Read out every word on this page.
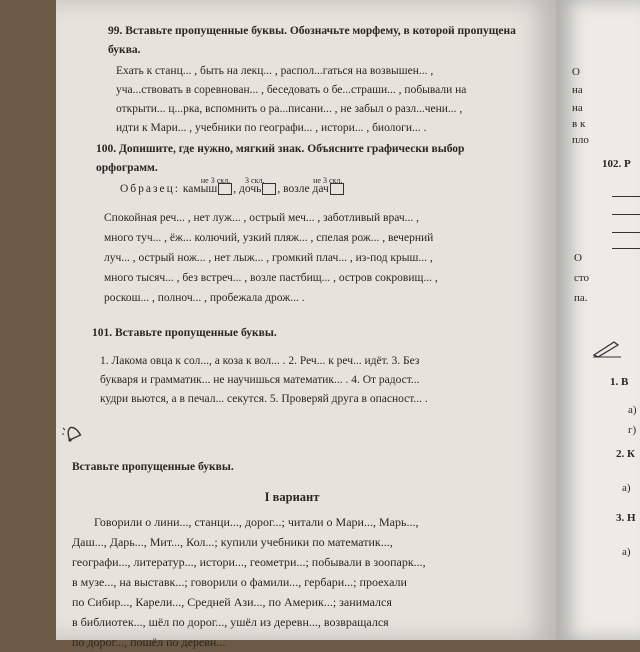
О
на
на
в к
пло
102. Р
О
сто
па.
1. В
а)
г)
2. К
а)
3. Н
а)
99. Вставьте пропущенные буквы. Обозначьте морфему, в которой пропущена буква.

Ехать к станц... , быть на лекц... , распол...гаться на возвышен... ,

уча...ствовать в соревнован... , беседовать о бе...страши... , побывали на

открыти... ц...рка, вспомнить о ра...писани... , не забыл о разл...чени... ,

идти к Мари... , учебники по географи... , истори... , биологи... .

100. Допишите, где нужно, мягкий знак. Объясните графически выбор орфограмм.
Образец:
не 3 скл.
камыш ,
3 скл.
дочь ,
не 3 скл.
возле дач

Спокойная реч... , нет луж... , острый меч... , заботливый врач... ,

много туч... , ёж... колючий, узкий пляж... , спелая рож... , вечерний

луч... , острый нож... , нет лыж... , громкий плач... , из-под крыш... ,

много тысяч... , без встреч... , возле пастбищ... , остров сокровищ... ,

роскош... , полноч... , пробежала дрож... .

101. Вставьте пропущенные буквы.

1. Лакома овца к сол..., а коза к вол... . 2. Реч... к реч... идёт. 3. Без

букваря и грамматик... не научишься математик... . 4. От радост...

кудри вьются, а в печал... секутся. 5. Проверяй друга в опасност... .

Вставьте пропущенные буквы.
I вариант

Говорили о лини..., станци..., дорог...; читали о Мари..., Марь...,

Даш..., Дарь..., Мит..., Кол...; купили учебники по математик...,

географи..., литератур..., истори..., геометри...; побывали в зоопарк...,

в музе..., на выставк...; говорили о фамили..., гербари...; проехали

по Сибир..., Карели..., Средней Ази..., по Америк...; занимался

в библиотек..., шёл по дорог..., ушёл из деревн..., возвращался

по дорог..., пошёл по деревн...
